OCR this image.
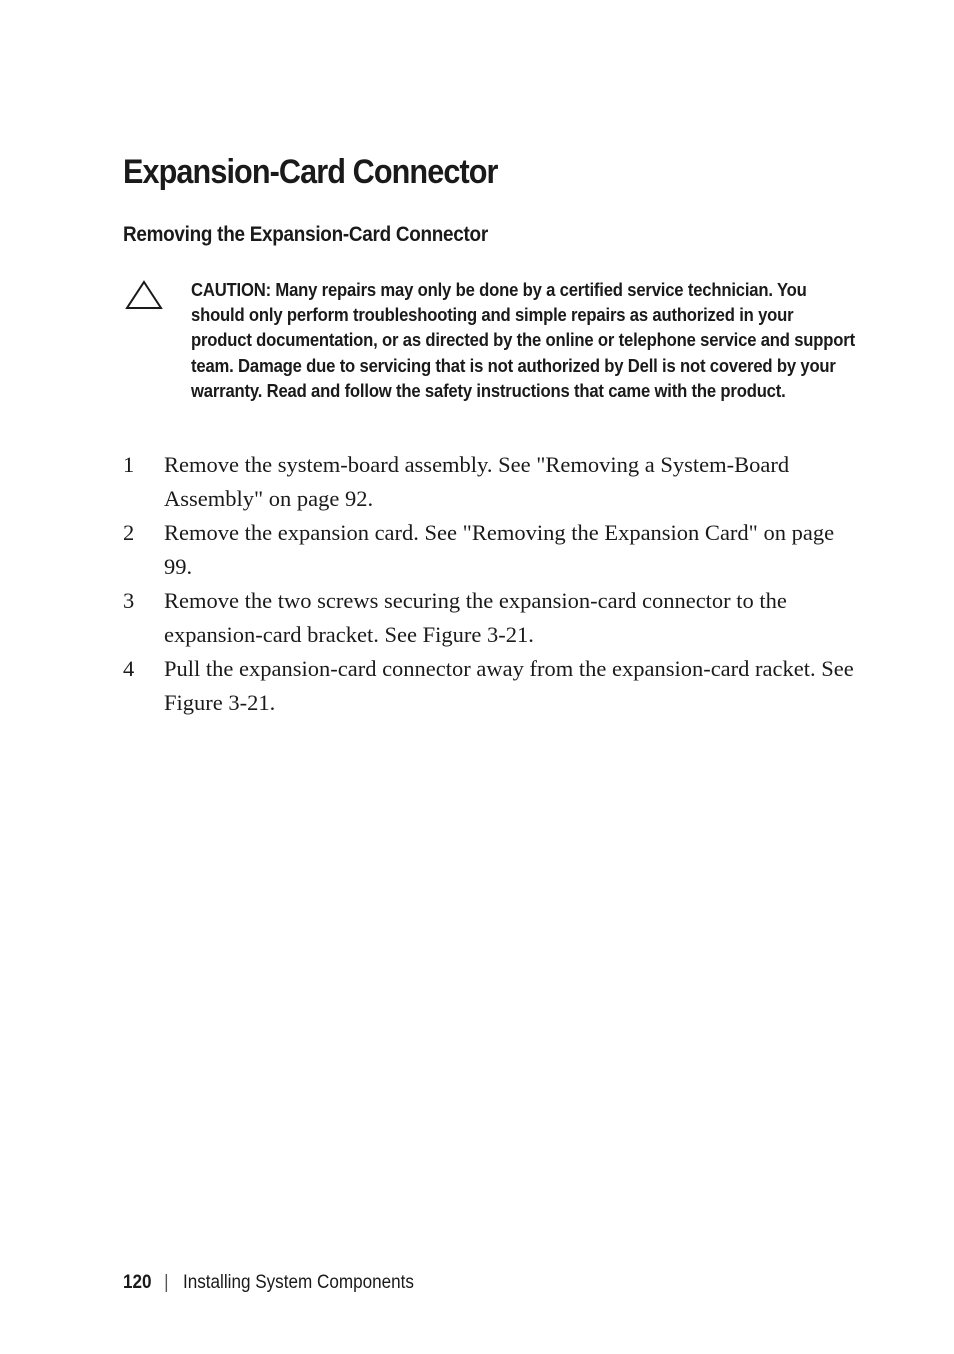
Expansion-Card Connector
Removing the Expansion-Card Connector

CAUTION: Many repairs may only be done by a certified service technician. You should only perform troubleshooting and simple repairs as authorized in your product documentation, or as directed by the online or telephone service and support team. Damage due to servicing that is not authorized by Dell is not covered by your warranty. Read and follow the safety instructions that came with the product.

1 Remove the system-board assembly. See "Removing a System-Board Assembly" on page 92.
2 Remove the expansion card. See "Removing the Expansion Card" on page 99.
3 Remove the two screws securing the expansion-card connector to the expansion-card bracket. See Figure 3-21.
4 Pull the expansion-card connector away from the expansion-card racket. See Figure 3-21.
120 | Installing System Components
